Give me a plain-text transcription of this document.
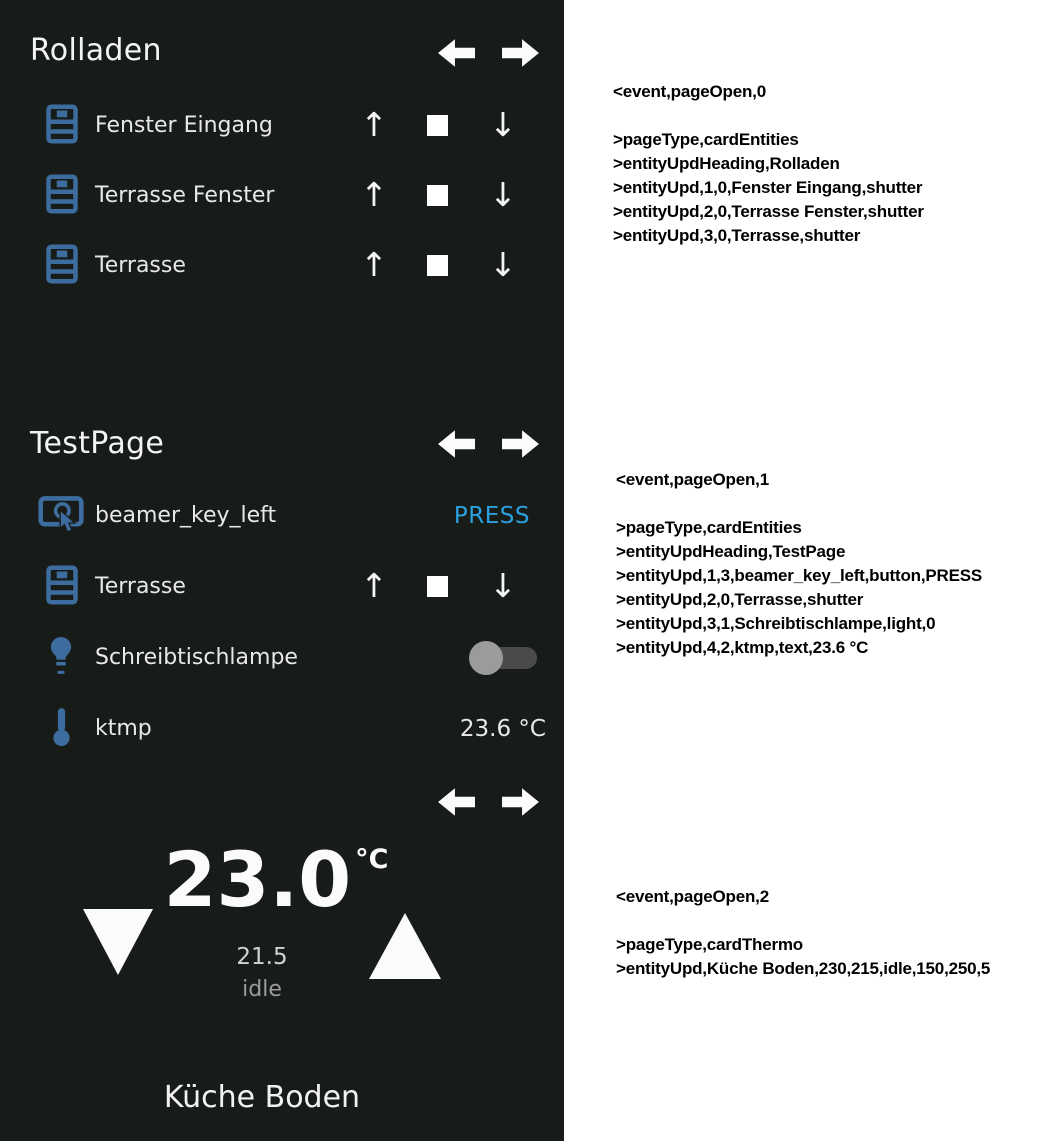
Rolladen
Fenster Eingang	↑	↓
Terrasse Fenster	↑	↓
Terrasse	↑	↓
TestPage
beamer_key_left	PRESS
Terrasse	↑	↓
Schreibtischlampe
ktmp	23.6 °C
23.0 $^{^\circ C}$
21.5
idle
Küche Boden
<event,pageOpen,0
>pageType,cardEntities
>entityUpdHeading,Rolladen
>entityUpd,1,0,Fenster Eingang,shutter
>entityUpd,2,0,Terrasse Fenster,shutter
>entityUpd,3,0,Terrasse,shutter
<event,pageOpen,1
>pageType,cardEntities
>entityUpdHeading,TestPage
>entityUpd,1,3,beamer_key_left,button,PRESS
>entityUpd,2,0,Terrasse,shutter
>entityUpd,3,1,Schreibtischlampe,light,0
>entityUpd,4,2,ktmp,text,23.6 °C
<event,pageOpen,2
>pageType,cardThermo
>entityUpd,Küche Boden,230,215,idle,150,250,5
